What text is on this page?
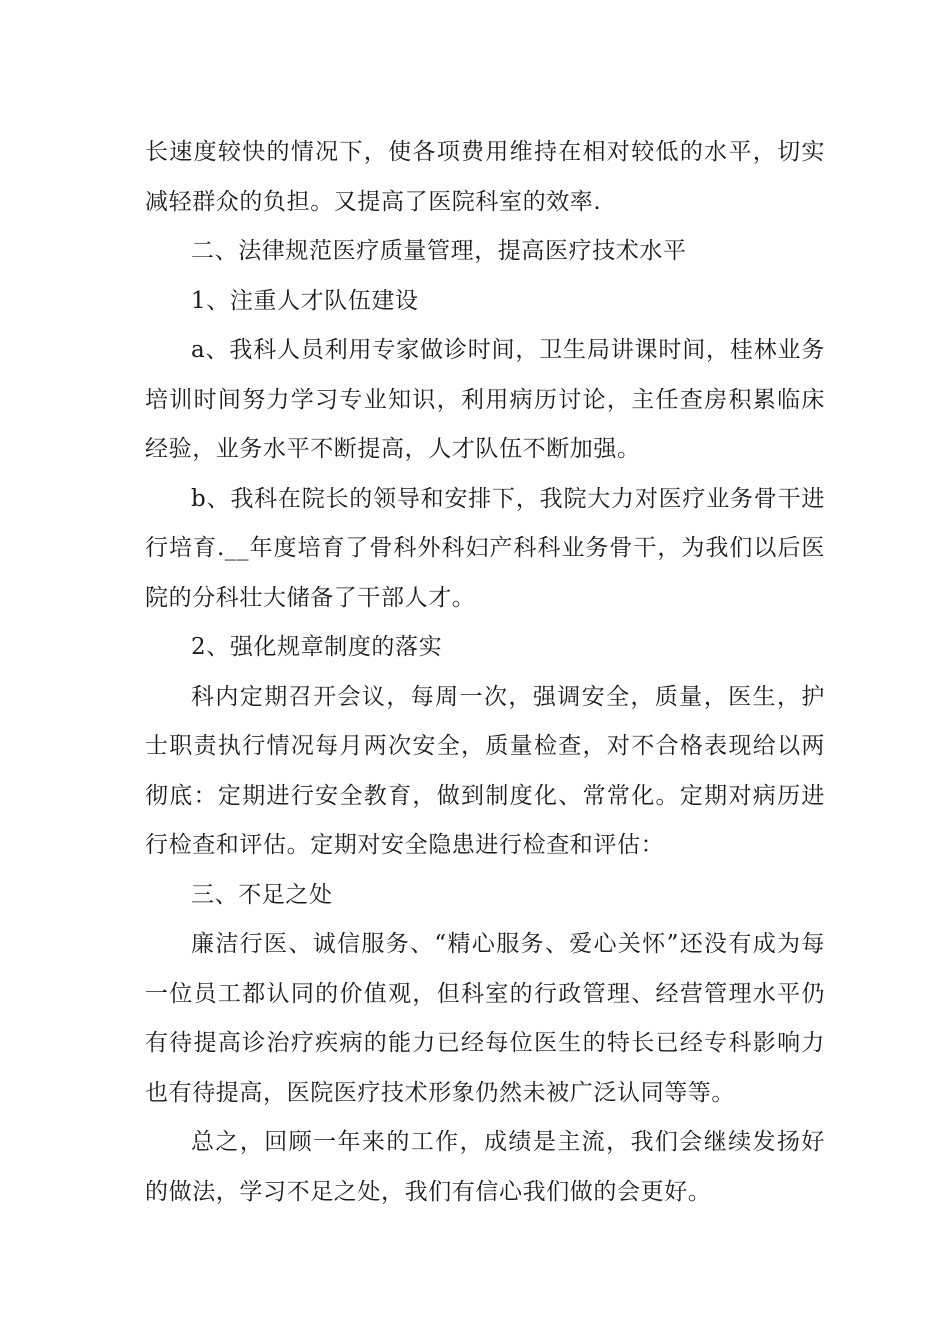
长速度较快的情况下，使各项费用维持在相对较低的水平，切实减轻群众的负担。又提高了医院科室的效率.

二、法律规范医疗质量管理，提高医疗技术水平

1、注重人才队伍建设

a、我科人员利用专家做诊时间，卫生局讲课时间，桂林业务培训时间努力学习专业知识，利用病历讨论，主任查房积累临床经验，业务水平不断提高，人才队伍不断加强。

b、我科在院长的领导和安排下，我院大力对医疗业务骨干进行培育.__年度培育了骨科外科妇产科科业务骨干，为我们以后医院的分科壮大储备了干部人才。

2、强化规章制度的落实

科内定期召开会议，每周一次，强调安全，质量，医生，护士职责执行情况每月两次安全，质量检查，对不合格表现给以两彻底：定期进行安全教育，做到制度化、常常化。定期对病历进行检查和评估。定期对安全隐患进行检查和评估：

三、不足之处

廉洁行医、诚信服务、“精心服务、爱心关怀”还没有成为每一位员工都认同的价值观，但科室的行政管理、经营管理水平仍有待提高诊治疗疾病的能力已经每位医生的特长已经专科影响力也有待提高，医院医疗技术形象仍然未被广泛认同等等。

总之，回顾一年来的工作，成绩是主流，我们会继续发扬好的做法，学习不足之处，我们有信心我们做的会更好。
